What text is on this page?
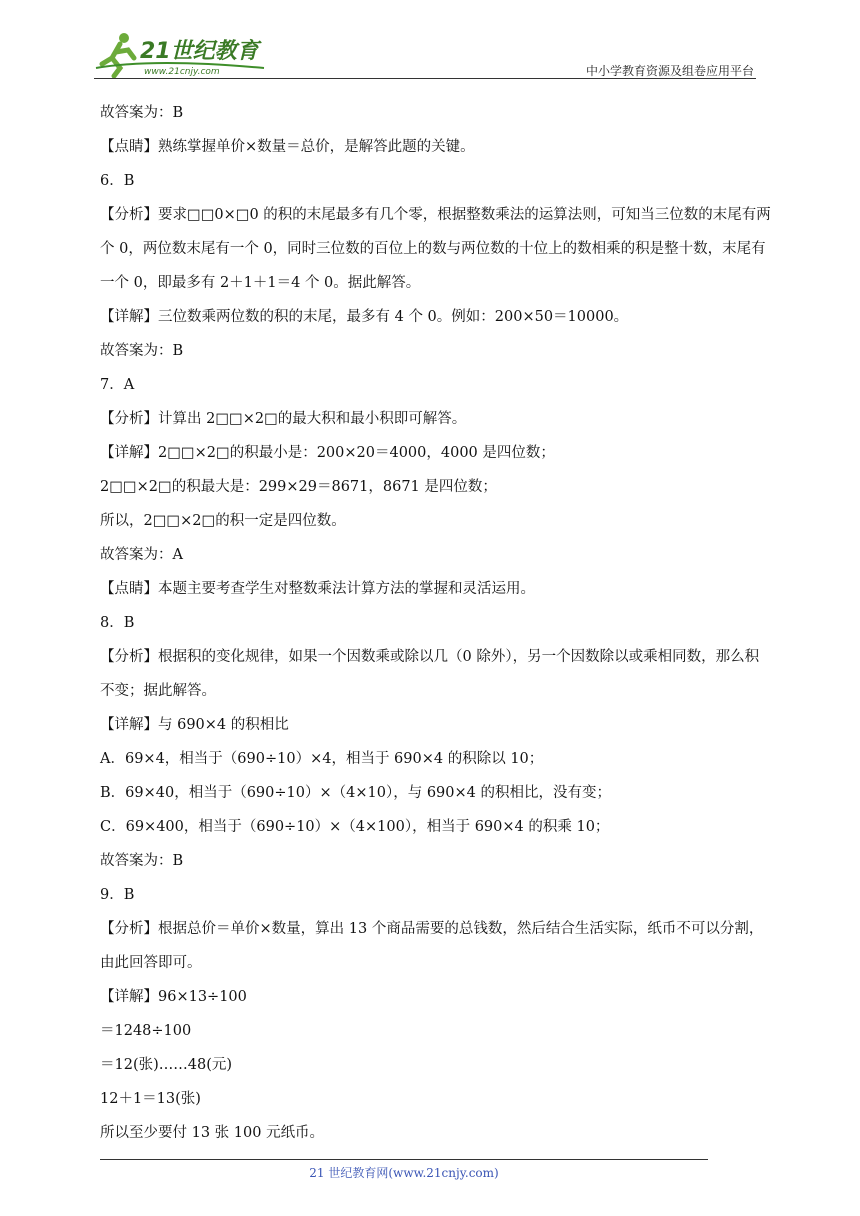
21世纪教育
www.21cnjy.com	中小学教育资源及组卷应用平台
故答案为：B
【点睛】熟练掌握单价×数量＝总价，是解答此题的关键。
6．B
【分析】要求□□0×□0 的积的末尾最多有几个零，根据整数乘法的运算法则，可知当三位数的末尾有两个 0，两位数末尾有一个 0，同时三位数的百位上的数与两位数的十位上的数相乘的积是整十数，末尾有一个 0，即最多有 2＋1＋1＝4 个 0。据此解答。
【详解】三位数乘两位数的积的末尾，最多有 4 个 0。例如：200×50＝10000。
故答案为：B
7．A
【分析】计算出 2□□×2□的最大积和最小积即可解答。
【详解】2□□×2□的积最小是：200×20＝4000，4000 是四位数；
2□□×2□的积最大是：299×29＝8671，8671 是四位数；
所以，2□□×2□的积一定是四位数。
故答案为：A
【点睛】本题主要考查学生对整数乘法计算方法的掌握和灵活运用。
8．B
【分析】根据积的变化规律，如果一个因数乘或除以几（0 除外），另一个因数除以或乘相同数，那么积不变；据此解答。
【详解】与 690×4 的积相比
A．69×4，相当于（690÷10）×4，相当于 690×4 的积除以 10；
B．69×40，相当于（690÷10）×（4×10），与 690×4 的积相比，没有变；
C．69×400，相当于（690÷10）×（4×100），相当于 690×4 的积乘 10；
故答案为：B
9．B
【分析】根据总价＝单价×数量，算出 13 个商品需要的总钱数，然后结合生活实际，纸币不可以分割，由此回答即可。
【详解】96×13÷100
＝1248÷100
＝12(张)……48(元)
12＋1＝13(张)
所以至少要付 13 张 100 元纸币。
21 世纪教育网(www.21cnjy.com)
